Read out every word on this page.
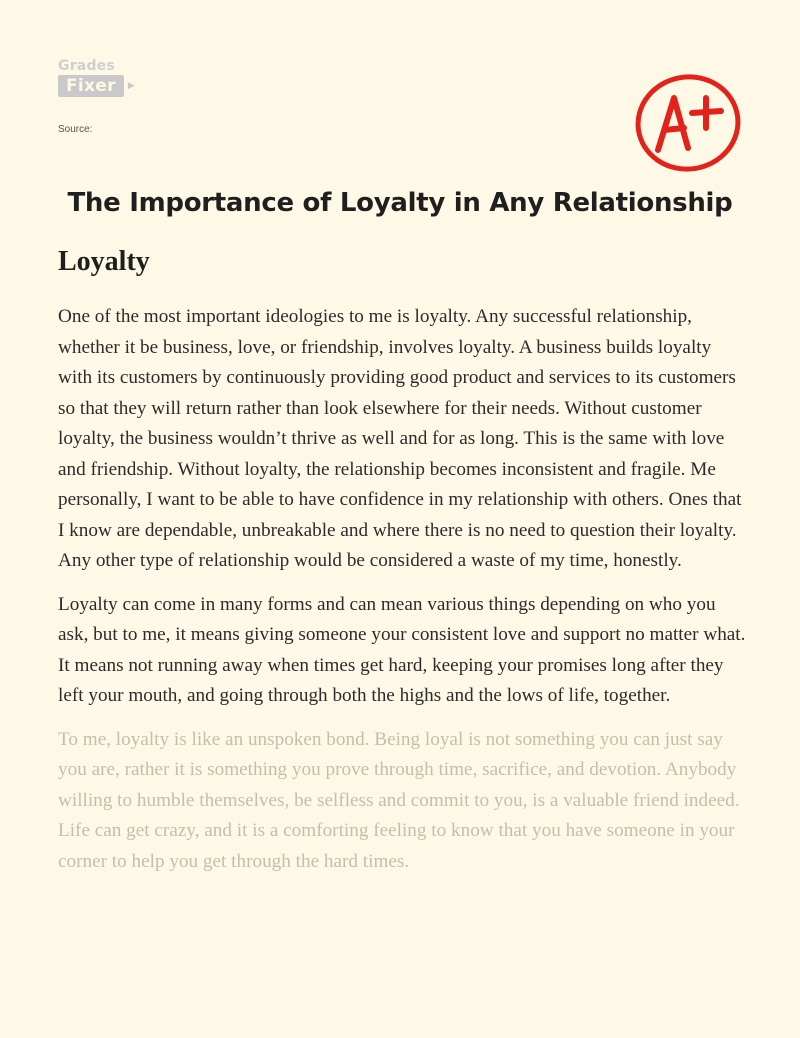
Grades
Fixer	▶
Source:
The Importance of Loyalty in Any Relationship
Loyalty

One of the most important ideologies to me is loyalty. Any successful relationship, whether it be business, love, or friendship, involves loyalty. A business builds loyalty with its customers by continuously providing good product and services to its customers so that they will return rather than look elsewhere for their needs. Without customer loyalty, the business wouldn’t thrive as well and for as long. This is the same with love and friendship. Without loyalty, the relationship becomes inconsistent and fragile. Me personally, I want to be able to have confidence in my relationship with others. Ones that I know are dependable, unbreakable and where there is no need to question their loyalty. Any other type of relationship would be considered a waste of my time, honestly.

Loyalty can come in many forms and can mean various things depending on who you ask, but to me, it means giving someone your consistent love and support no matter what. It means not running away when times get hard, keeping your promises long after they left your mouth, and going through both the highs and the lows of life, together.

To me, loyalty is like an unspoken bond. Being loyal is not something you can just say you are, rather it is something you prove through time, sacrifice, and devotion. Anybody willing to humble themselves, be selfless and commit to you, is a valuable friend indeed. Life can get crazy, and it is a comforting feeling to know that you have someone in your corner to help you get through the hard times.
